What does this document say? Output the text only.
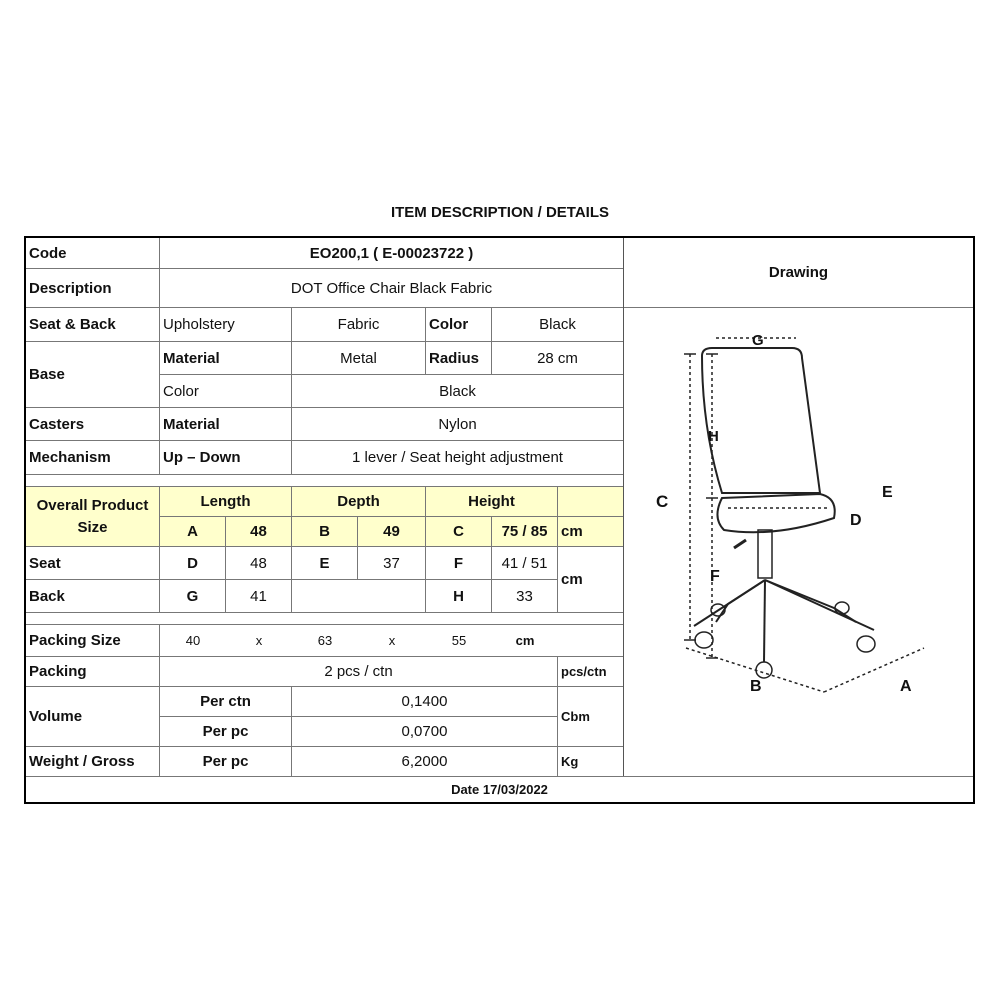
ITEM DESCRIPTION / DETAILS
Code	EO200,1 ( E-00023722 )
Description	DOT Office Chair Black Fabric
Seat & Back	Upholstery	Fabric	Color	Black
Base
Material	Metal	Radius	28 cm
Color	Black
Casters	Material	Nylon
Mechanism	Up – Down	1 lever / Seat height adjustment
Overall Product
Size
Length	Depth	Height
A	48	B	49	C	75 / 85 cm
Seat	D	48	E	37	F	41 / 51
cm
Back	G	41	H	33
Packing Size	40	x	63	x	55	cm
Packing	2 pcs / ctn	pcs/ctn
Volume
Per ctn	0,1400
Per pc	0,0700
Cbm
Weight / Gross	Per pc	6,2000	Kg
Drawing
G
H
C
F
E
D
B	A
Date 17/03/2022
